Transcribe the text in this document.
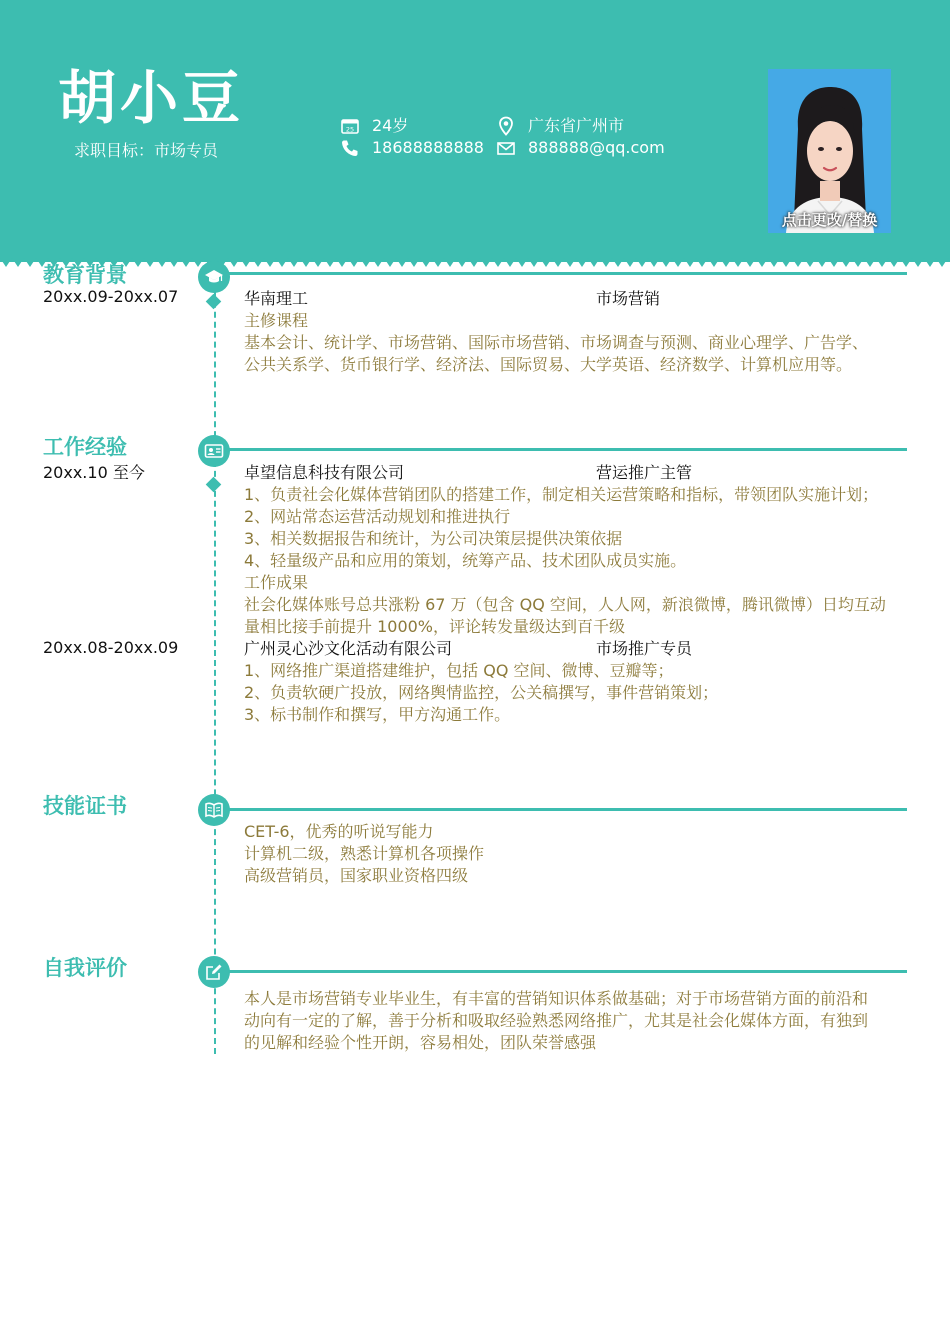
胡小豆
求职目标：市场专员
25 24岁
18688888888
广东省广州市
888888@qq.com
点击更改/替换
教育背景
20xx.09-20xx.07	华南理工	市场营销
主修课程
基本会计、统计学、市场营销、国际市场营销、市场调查与预测、商业心理学、广告学、
公共关系学、货币银行学、经济法、国际贸易、大学英语、经济数学、计算机应用等。
工作经验
20xx.10 至今	卓望信息科技有限公司	营运推广主管
1、负责社会化媒体营销团队的搭建工作，制定相关运营策略和指标，带领团队实施计划；
2、网站常态运营活动规划和推进执行
3、相关数据报告和统计，为公司决策层提供决策依据
4、轻量级产品和应用的策划，统筹产品、技术团队成员实施。
工作成果
社会化媒体账号总共涨粉 67 万（包含 QQ 空间，人人网，新浪微博，腾讯微博）日均互动
量相比接手前提升 1000%，评论转发量级达到百千级
20xx.08-20xx.09	广州灵心沙文化活动有限公司	市场推广专员
1、网络推广渠道搭建维护，包括 QQ 空间、微博、豆瓣等；
2、负责软硬广投放，网络舆情监控，公关稿撰写，事件营销策划；
3、标书制作和撰写，甲方沟通工作。
技能证书
CET-6，优秀的听说写能力
计算机二级，熟悉计算机各项操作
高级营销员，国家职业资格四级
自我评价
本人是市场营销专业毕业生，有丰富的营销知识体系做基础；对于市场营销方面的前沿和
动向有一定的了解，善于分析和吸取经验熟悉网络推广，尤其是社会化媒体方面，有独到
的见解和经验个性开朗，容易相处，团队荣誉感强
